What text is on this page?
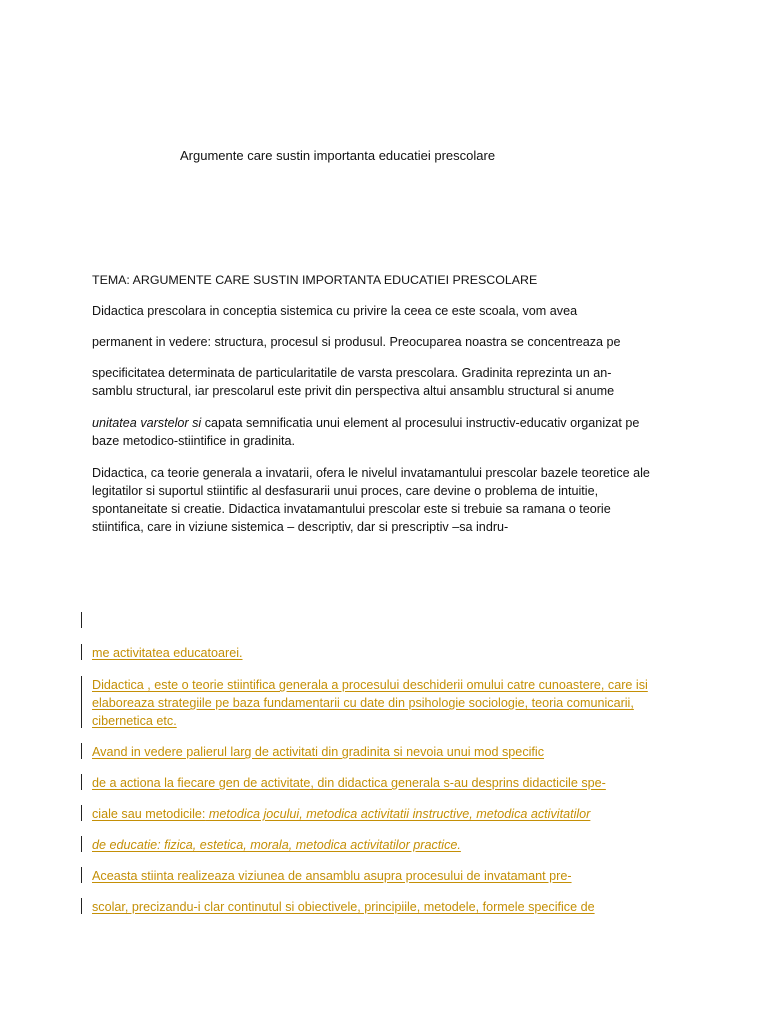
Argumente care sustin importanta educatiei prescolare
TEMA: ARGUMENTE CARE SUSTIN IMPORTANTA EDUCATIEI PRESCOLARE
Didactica prescolara in conceptia sistemica cu privire la ceea ce este scoala, vom avea
permanent in vedere: structura, procesul si produsul. Preocuparea noastra se concentreaza pe
specificitatea determinata de particularitatile de varsta prescolara. Gradinita reprezinta un an-
samblu structural, iar prescolarul este privit din perspectiva altui ansamblu structural si anume
unitatea varstelor si capata semnificatia unui element al procesului instructiv-educativ organizat pe
baze metodico-stiintifice in gradinita.
Didactica, ca teorie generala a invatarii, ofera le nivelul invatamantului prescolar bazele teoretice ale
legitatilor si suportul stiintific al desfasurarii unui proces, care devine o problema de intuitie,
spontaneitate si creatie. Didactica invatamantului prescolar este si trebuie sa ramana o teorie
stiintifica, care in viziune sistemica – descriptiv, dar si prescriptiv –sa indru-
me activitatea educatoarei.
Didactica , este o teorie stiintifica generala a procesului deschiderii omului catre cunoastere, care isi
elaboreaza strategiile pe baza fundamentarii cu date din psihologie sociologie, teoria comunicarii,
cibernetica etc.
Avand in vedere palierul larg de activitati din gradinita si nevoia unui mod specific
de a actiona la fiecare gen de activitate, din didactica generala s-au desprins didacticile spe-
ciale sau metodicile: metodica jocului, metodica activitatii instructive, metodica activitatilor
de educatie: fizica, estetica, morala, metodica activitatilor practice.
Aceasta stiinta realizeaza viziunea de ansamblu asupra procesului de invatamant pre-
scolar, precizandu-i clar continutul si obiectivele, principiile, metodele, formele specifice de
